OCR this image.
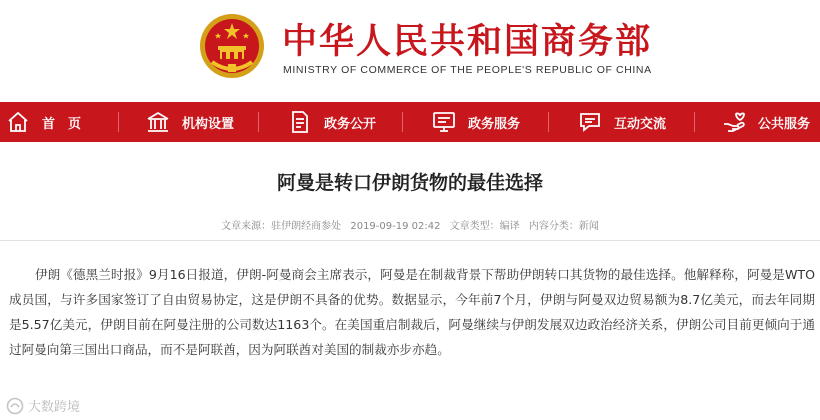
中华人民共和国商务部
MINISTRY OF COMMERCE OF THE PEOPLE'S REPUBLIC OF CHINA
首　页	机构设置	政务公开	政务服务	互动交流	公共服务
阿曼是转口伊朗货物的最佳选择
文章来源：驻伊朗经商参处 2019-09-19 02:42 文章类型：编译 内容分类：新闻

伊朗《德黑兰时报》9月16日报道，伊朗-阿曼商会主席表示，阿曼是在制裁背景下帮助伊朗转口其货物的最佳选择。他解释称，阿曼是WTO成员国，与许多国家签订了自由贸易协定，这是伊朗不具备的优势。数据显示，今年前7个月，伊朗与阿曼双边贸易额为8.7亿美元，而去年同期是5.57亿美元，伊朗目前在阿曼注册的公司数达1163个。在美国重启制裁后，阿曼继续与伊朗发展双边政治经济关系，伊朗公司目前更倾向于通过阿曼向第三国出口商品，而不是阿联酋，因为阿联酋对美国的制裁亦步亦趋。

大数跨境
